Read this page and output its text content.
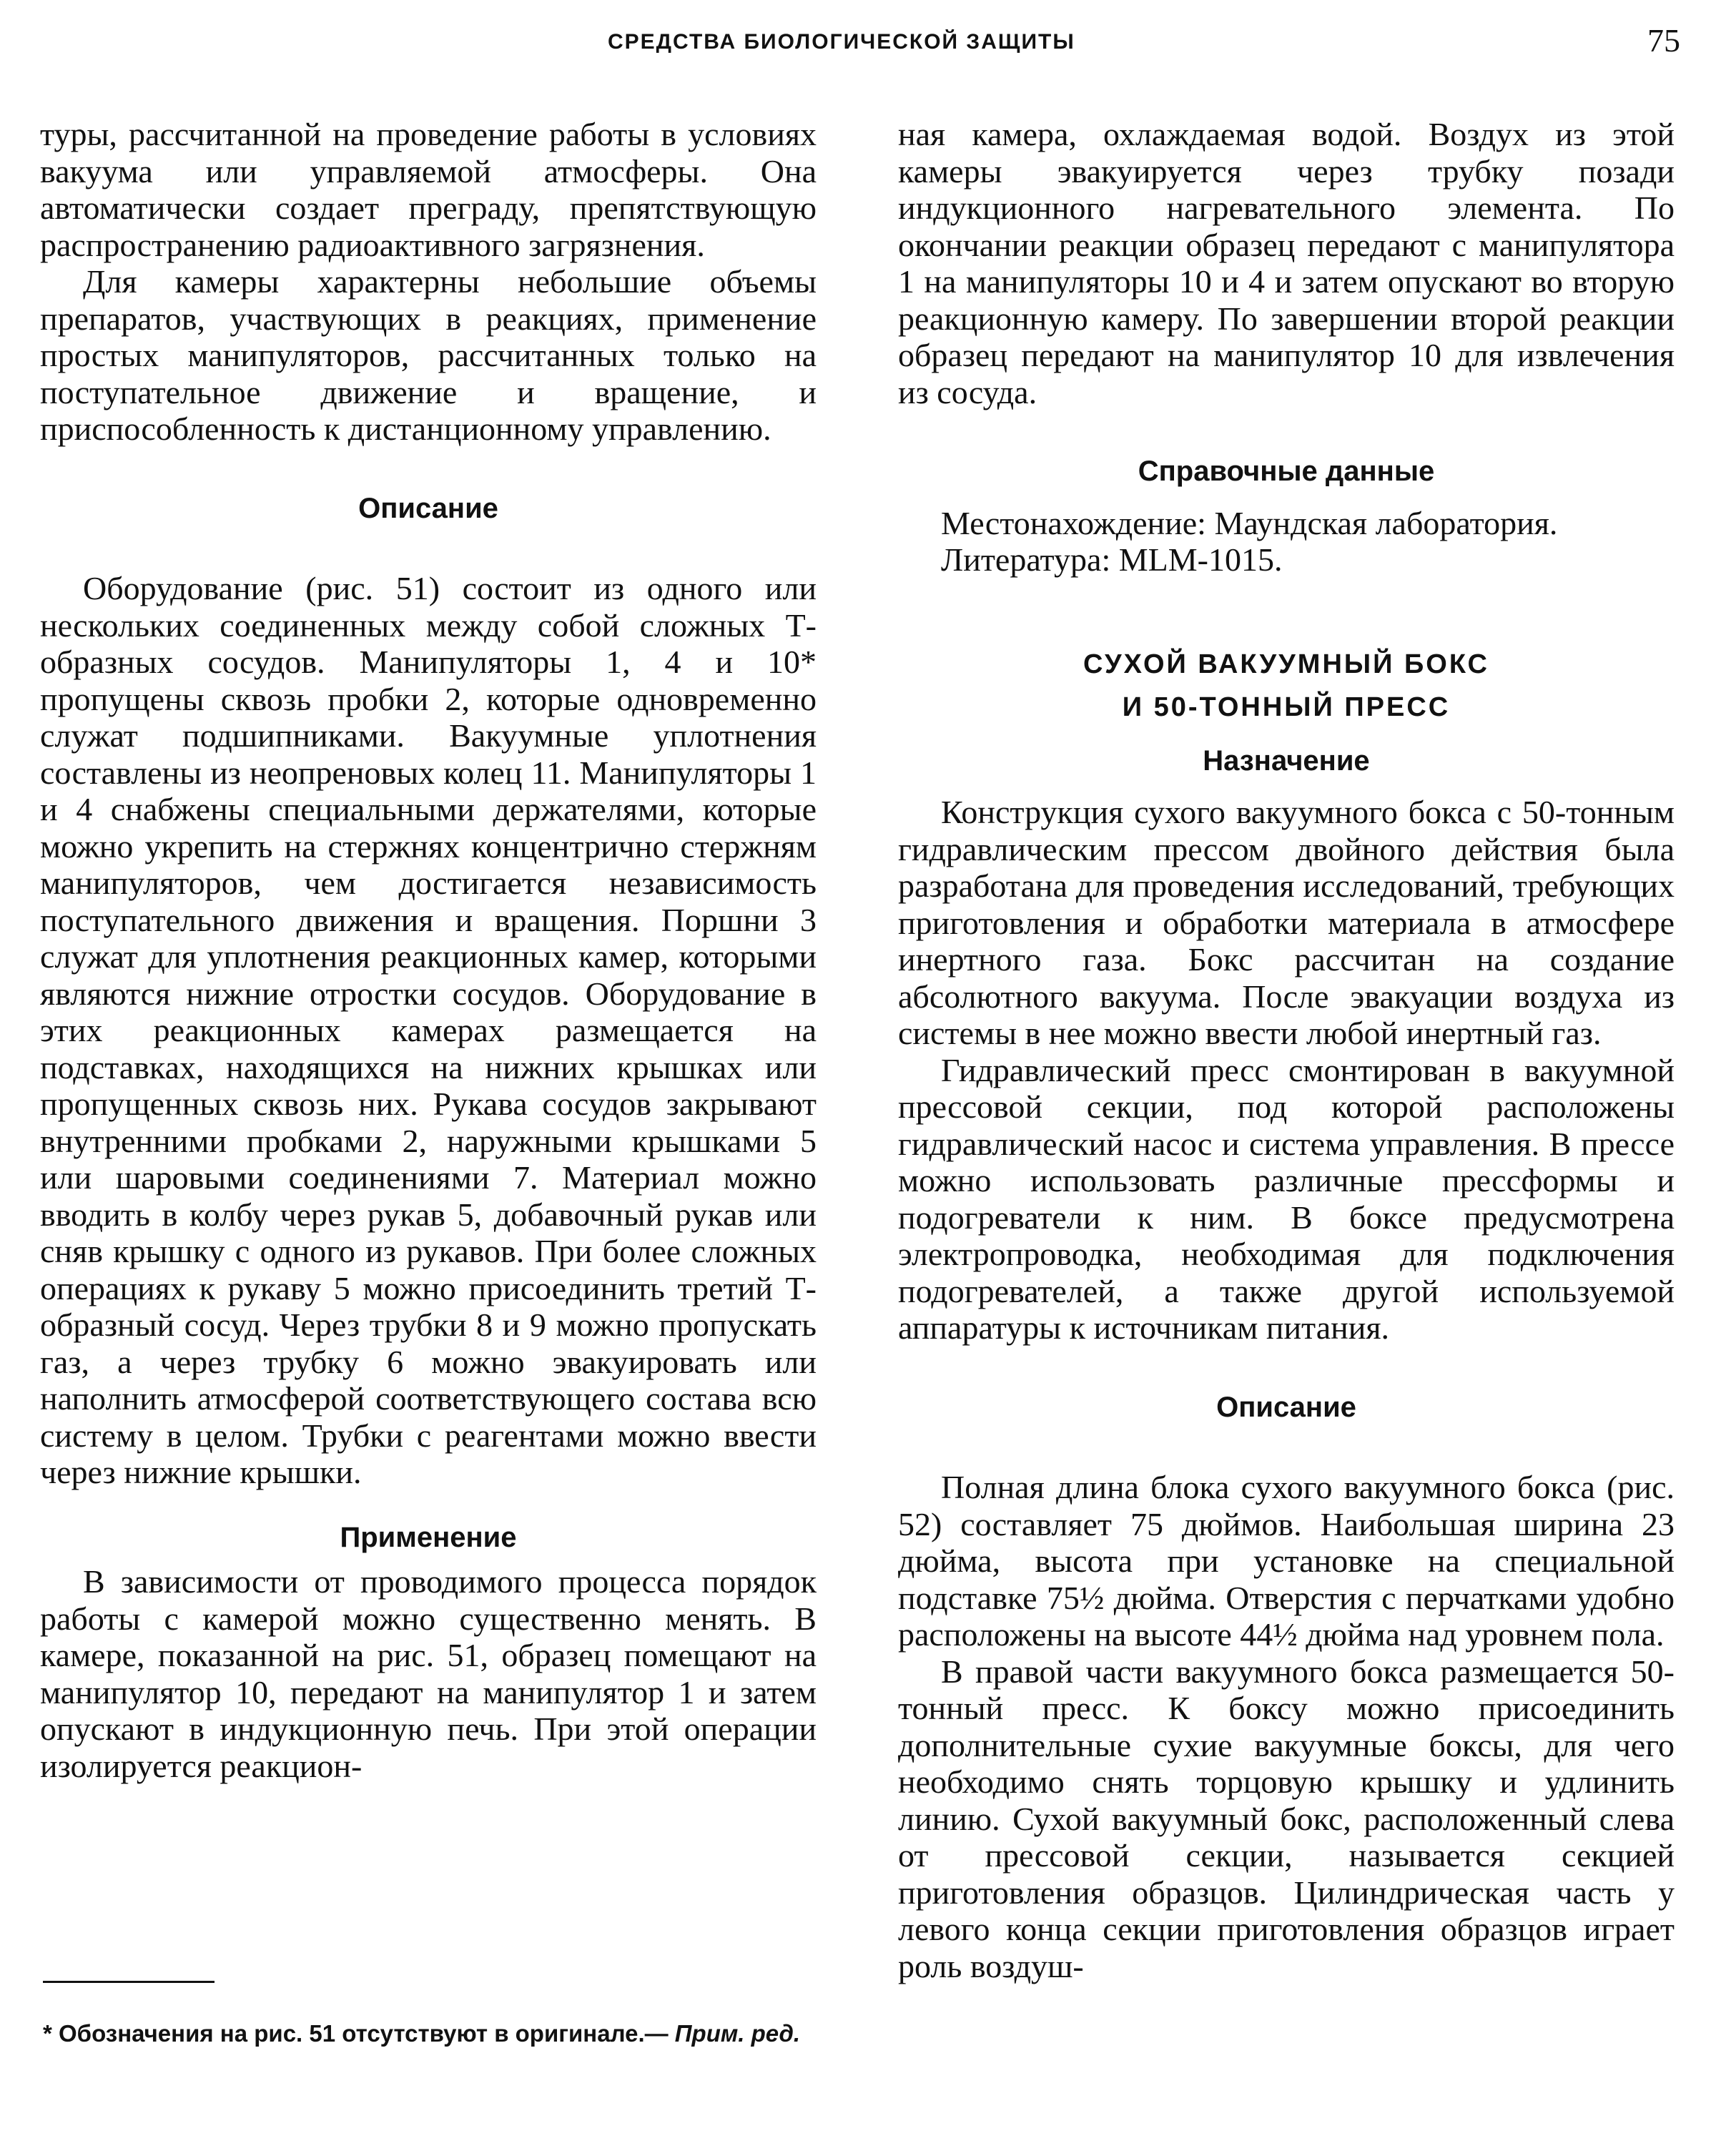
СРЕДСТВА БИОЛОГИЧЕСКОЙ ЗАЩИТЫ	75

туры, рассчитанной на проведение работы в условиях вакуума или управляемой атмосферы. Она автоматически создает преграду, препятствующую распространению радиоактивного загрязнения.

Для камеры характерны небольшие объемы препаратов, участвующих в реакциях, применение простых манипуляторов, рассчитанных только на поступательное движение и вращение, и приспособленность к дистанционному управлению.

Описание

Оборудование (рис. 51) состоит из одного или нескольких соединенных между собой сложных Т-образных сосудов. Манипуляторы 1, 4 и 10* пропущены сквозь пробки 2, которые одновременно служат подшипниками. Вакуумные уплотнения составлены из неопреновых колец 11. Манипуляторы 1 и 4 снабжены специальными держателями, которые можно укрепить на стержнях концентрично стержням манипуляторов, чем достигается независимость поступательного движения и вращения. Поршни 3 служат для уплотнения реакционных камер, которыми являются нижние отростки сосудов. Оборудование в этих реакционных камерах размещается на подставках, находящихся на нижних крышках или пропущенных сквозь них. Рукава сосудов закрывают внутренними пробками 2, наружными крышками 5 или шаровыми соединениями 7. Материал можно вводить в колбу через рукав 5, добавочный рукав или сняв крышку с одного из рукавов. При более сложных операциях к рукаву 5 можно присоединить третий Т-образный сосуд. Через трубки 8 и 9 можно пропускать газ, а через трубку 6 можно эвакуировать или наполнить атмосферой соответствующего состава всю систему в целом. Трубки с реагентами можно ввести через нижние крышки.

Применение

В зависимости от проводимого процесса порядок работы с камерой можно существенно менять. В камере, показанной на рис. 51, образец помещают на манипулятор 10, передают на манипулятор 1 и затем опускают в индукционную печь. При этой операции изолируется реакцион-

* Обозначения на рис. 51 отсутствуют в оригинале.— Прим. ред.

ная камера, охлаждаемая водой. Воздух из этой камеры эвакуируется через трубку позади индукционного нагревательного элемента. По окончании реакции образец передают с манипулятора 1 на манипуляторы 10 и 4 и затем опускают во вторую реакционную камеру. По завершении второй реакции образец передают на манипулятор 10 для извлечения из сосуда.

Справочные данные

Местонахождение: Маундская лаборатория.

Литература: MLM-1015.

СУХОЙ ВАКУУМНЫЙ БОКС
И 50-ТОННЫЙ ПРЕСС
Назначение

Конструкция сухого вакуумного бокса с 50-тонным гидравлическим прессом двойного действия была разработана для проведения исследований, требующих приготовления и обработки материала в атмосфере инертного газа. Бокс рассчитан на создание абсолютного вакуума. После эвакуации воздуха из системы в нее можно ввести любой инертный газ.

Гидравлический пресс смонтирован в вакуумной прессовой секции, под которой расположены гидравлический насос и система управления. В прессе можно использовать различные прессформы и подогреватели к ним. В боксе предусмотрена электропроводка, необходимая для подключения подогревателей, а также другой используемой аппаратуры к источникам питания.

Описание

Полная длина блока сухого вакуумного бокса (рис. 52) составляет 75 дюймов. Наибольшая ширина 23 дюйма, высота при установке на специальной подставке 75½ дюйма. Отверстия с перчатками удобно расположены на высоте 44½ дюйма над уровнем пола.

В правой части вакуумного бокса размещается 50-тонный пресс. К боксу можно присоединить дополнительные сухие вакуумные боксы, для чего необходимо снять торцовую крышку и удлинить линию. Сухой вакуумный бокс, расположенный слева от прессовой секции, называется секцией приготовления образцов. Цилиндрическая часть у левого конца секции приготовления образцов играет роль воздуш-
